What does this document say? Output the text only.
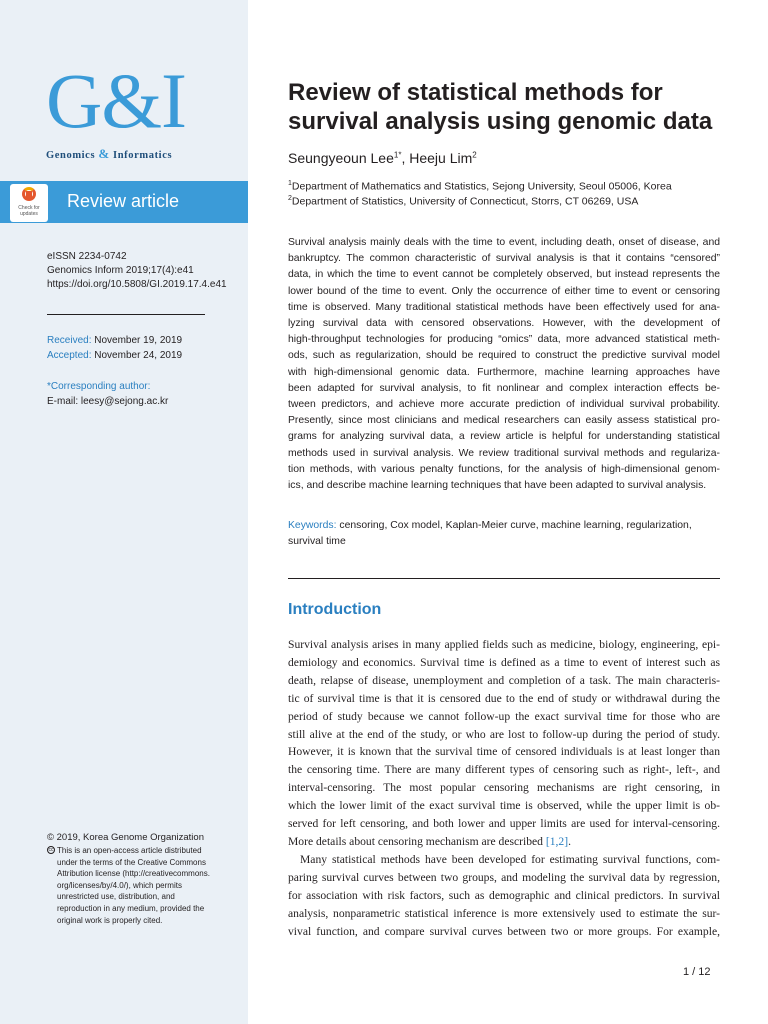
G&I
Genomics & Informatics
Check for updates
Review article
eISSN 2234-0742
Genomics Inform 2019;17(4):e41
https://doi.org/10.5808/GI.2019.17.4.e41
Received: November 19, 2019
Accepted: November 24, 2019
*Corresponding author:
E-mail: leesy@sejong.ac.kr
© 2019, Korea Genome Organization
cc This is an open-access article distributed
under the terms of the Creative Commons
Attribution license (http://creativecommons.
org/licenses/by/4.0/), which permits
unrestricted use, distribution, and
reproduction in any medium, provided the
original work is properly cited.
Review of statistical methods for
survival analysis using genomic data
Seungyeoun Lee$^{1*}$, Heeju Lim$^2$
$^1$Department of Mathematics and Statistics, Sejong University, Seoul 05006, Korea
$^2$Department of Statistics, University of Connecticut, Storrs, CT 06269, USA
Survival analysis mainly deals with the time to event, including death, onset of disease, and
bankruptcy. The common characteristic of survival analysis is that it contains “censored”
data, in which the time to event cannot be completely observed, but instead represents the
lower bound of the time to event. Only the occurrence of either time to event or censoring
time is observed. Many traditional statistical methods have been effectively used for ana-
lyzing survival data with censored observations. However, with the development of
high-throughput technologies for producing “omics” data, more advanced statistical meth-
ods, such as regularization, should be required to construct the predictive survival model
with high-dimensional genomic data. Furthermore, machine learning approaches have
been adapted for survival analysis, to fit nonlinear and complex interaction effects be-
tween predictors, and achieve more accurate prediction of individual survival probability.
Presently, since most clinicians and medical researchers can easily assess statistical pro-
grams for analyzing survival data, a review article is helpful for understanding statistical
methods used in survival analysis. We review traditional survival methods and regulariza-
tion methods, with various penalty functions, for the analysis of high-dimensional genom-
ics, and describe machine learning techniques that have been adapted to survival analysis.
Keywords: censoring, Cox model, Kaplan-Meier curve, machine learning, regularization,
survival time
Introduction
Survival analysis arises in many applied fields such as medicine, biology, engineering, epi-
demiology and economics. Survival time is defined as a time to event of interest such as
death, relapse of disease, unemployment and completion of a task. The main characteris-
tic of survival time is that it is censored due to the end of study or withdrawal during the
period of study because we cannot follow-up the exact survival time for those who are
still alive at the end of the study, or who are lost to follow-up during the period of study.
However, it is known that the survival time of censored individuals is at least longer than
the censoring time. There are many different types of censoring such as right-, left-, and
interval-censoring. The most popular censoring mechanisms are right censoring, in
which the lower limit of the exact survival time is observed, while the upper limit is ob-
served for left censoring, and both lower and upper limits are used for interval-censoring.
More details about censoring mechanism are described [1,2].
Many statistical methods have been developed for estimating survival functions, com-
paring survival curves between two groups, and modeling the survival data by regression,
for association with risk factors, such as demographic and clinical predictors. In survival
analysis, nonparametric statistical inference is more extensively used to estimate the sur-
vival function, and compare survival curves between two or more groups. For example,
1 / 12
